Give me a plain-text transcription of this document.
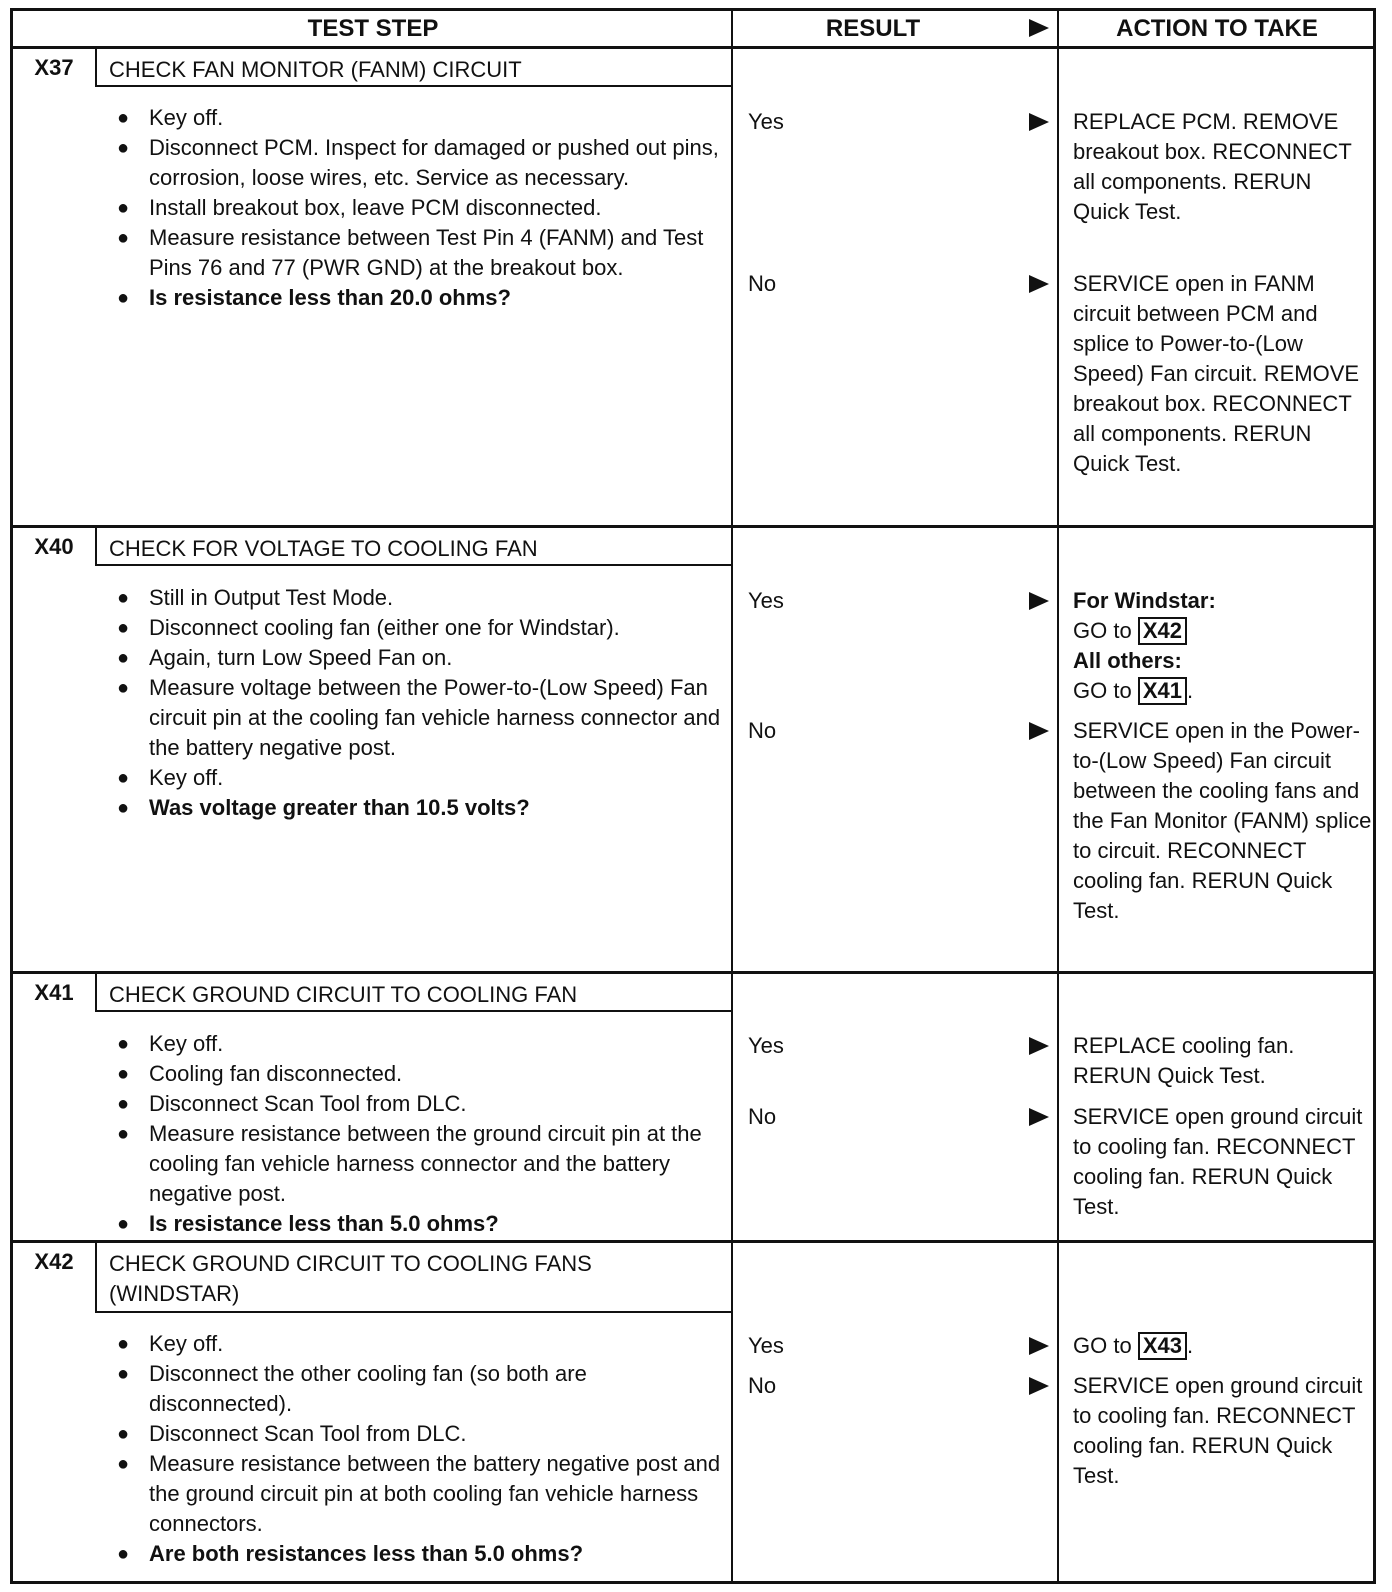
TEST STEP	RESULT	ACTION TO TAKE
X37	CHECK FAN MONITOR (FANM) CIRCUIT
● Key off.
● Disconnect PCM. Inspect for damaged or pushed out pins, corrosion, loose wires, etc. Service as necessary.
● Install breakout box, leave PCM disconnected.
● Measure resistance between Test Pin 4 (FANM) and Test Pins 76 and 77 (PWR GND) at the breakout box.
● Is resistance less than 20.0 ohms?
Yes	REPLACE PCM. REMOVE breakout box. RECONNECT all components. RERUN Quick Test.
No	SERVICE open in FANM circuit between PCM and splice to Power-to-(Low Speed) Fan circuit. REMOVE breakout box. RECONNECT all components. RERUN Quick Test.
X40	CHECK FOR VOLTAGE TO COOLING FAN
● Still in Output Test Mode.
● Disconnect cooling fan (either one for Windstar).
● Again, turn Low Speed Fan on.
● Measure voltage between the Power-to-(Low Speed) Fan circuit pin at the cooling fan vehicle harness connector and the battery negative post.
● Key off.
● Was voltage greater than 10.5 volts?
Yes	For Windstar:
GO to X42
All others:
GO to X41 .
No	SERVICE open in the Power-to-(Low Speed) Fan circuit between the cooling fans and the Fan Monitor (FANM) splice to circuit. RECONNECT cooling fan. RERUN Quick Test.
X41	CHECK GROUND CIRCUIT TO COOLING FAN
● Key off.
● Cooling fan disconnected.
● Disconnect Scan Tool from DLC.
● Measure resistance between the ground circuit pin at the cooling fan vehicle harness connector and the battery negative post.
● Is resistance less than 5.0 ohms?
Yes	REPLACE cooling fan. RERUN Quick Test.
No	SERVICE open ground circuit to cooling fan. RECONNECT cooling fan. RERUN Quick Test.
X42	CHECK GROUND CIRCUIT TO COOLING FANS (WINDSTAR)
● Key off.
● Disconnect the other cooling fan (so both are disconnected).
● Disconnect Scan Tool from DLC.
● Measure resistance between the battery negative post and the ground circuit pin at both cooling fan vehicle harness connectors.
● Are both resistances less than 5.0 ohms?
Yes	GO to X43 .
No	SERVICE open ground circuit to cooling fan. RECONNECT cooling fan. RERUN Quick Test.
